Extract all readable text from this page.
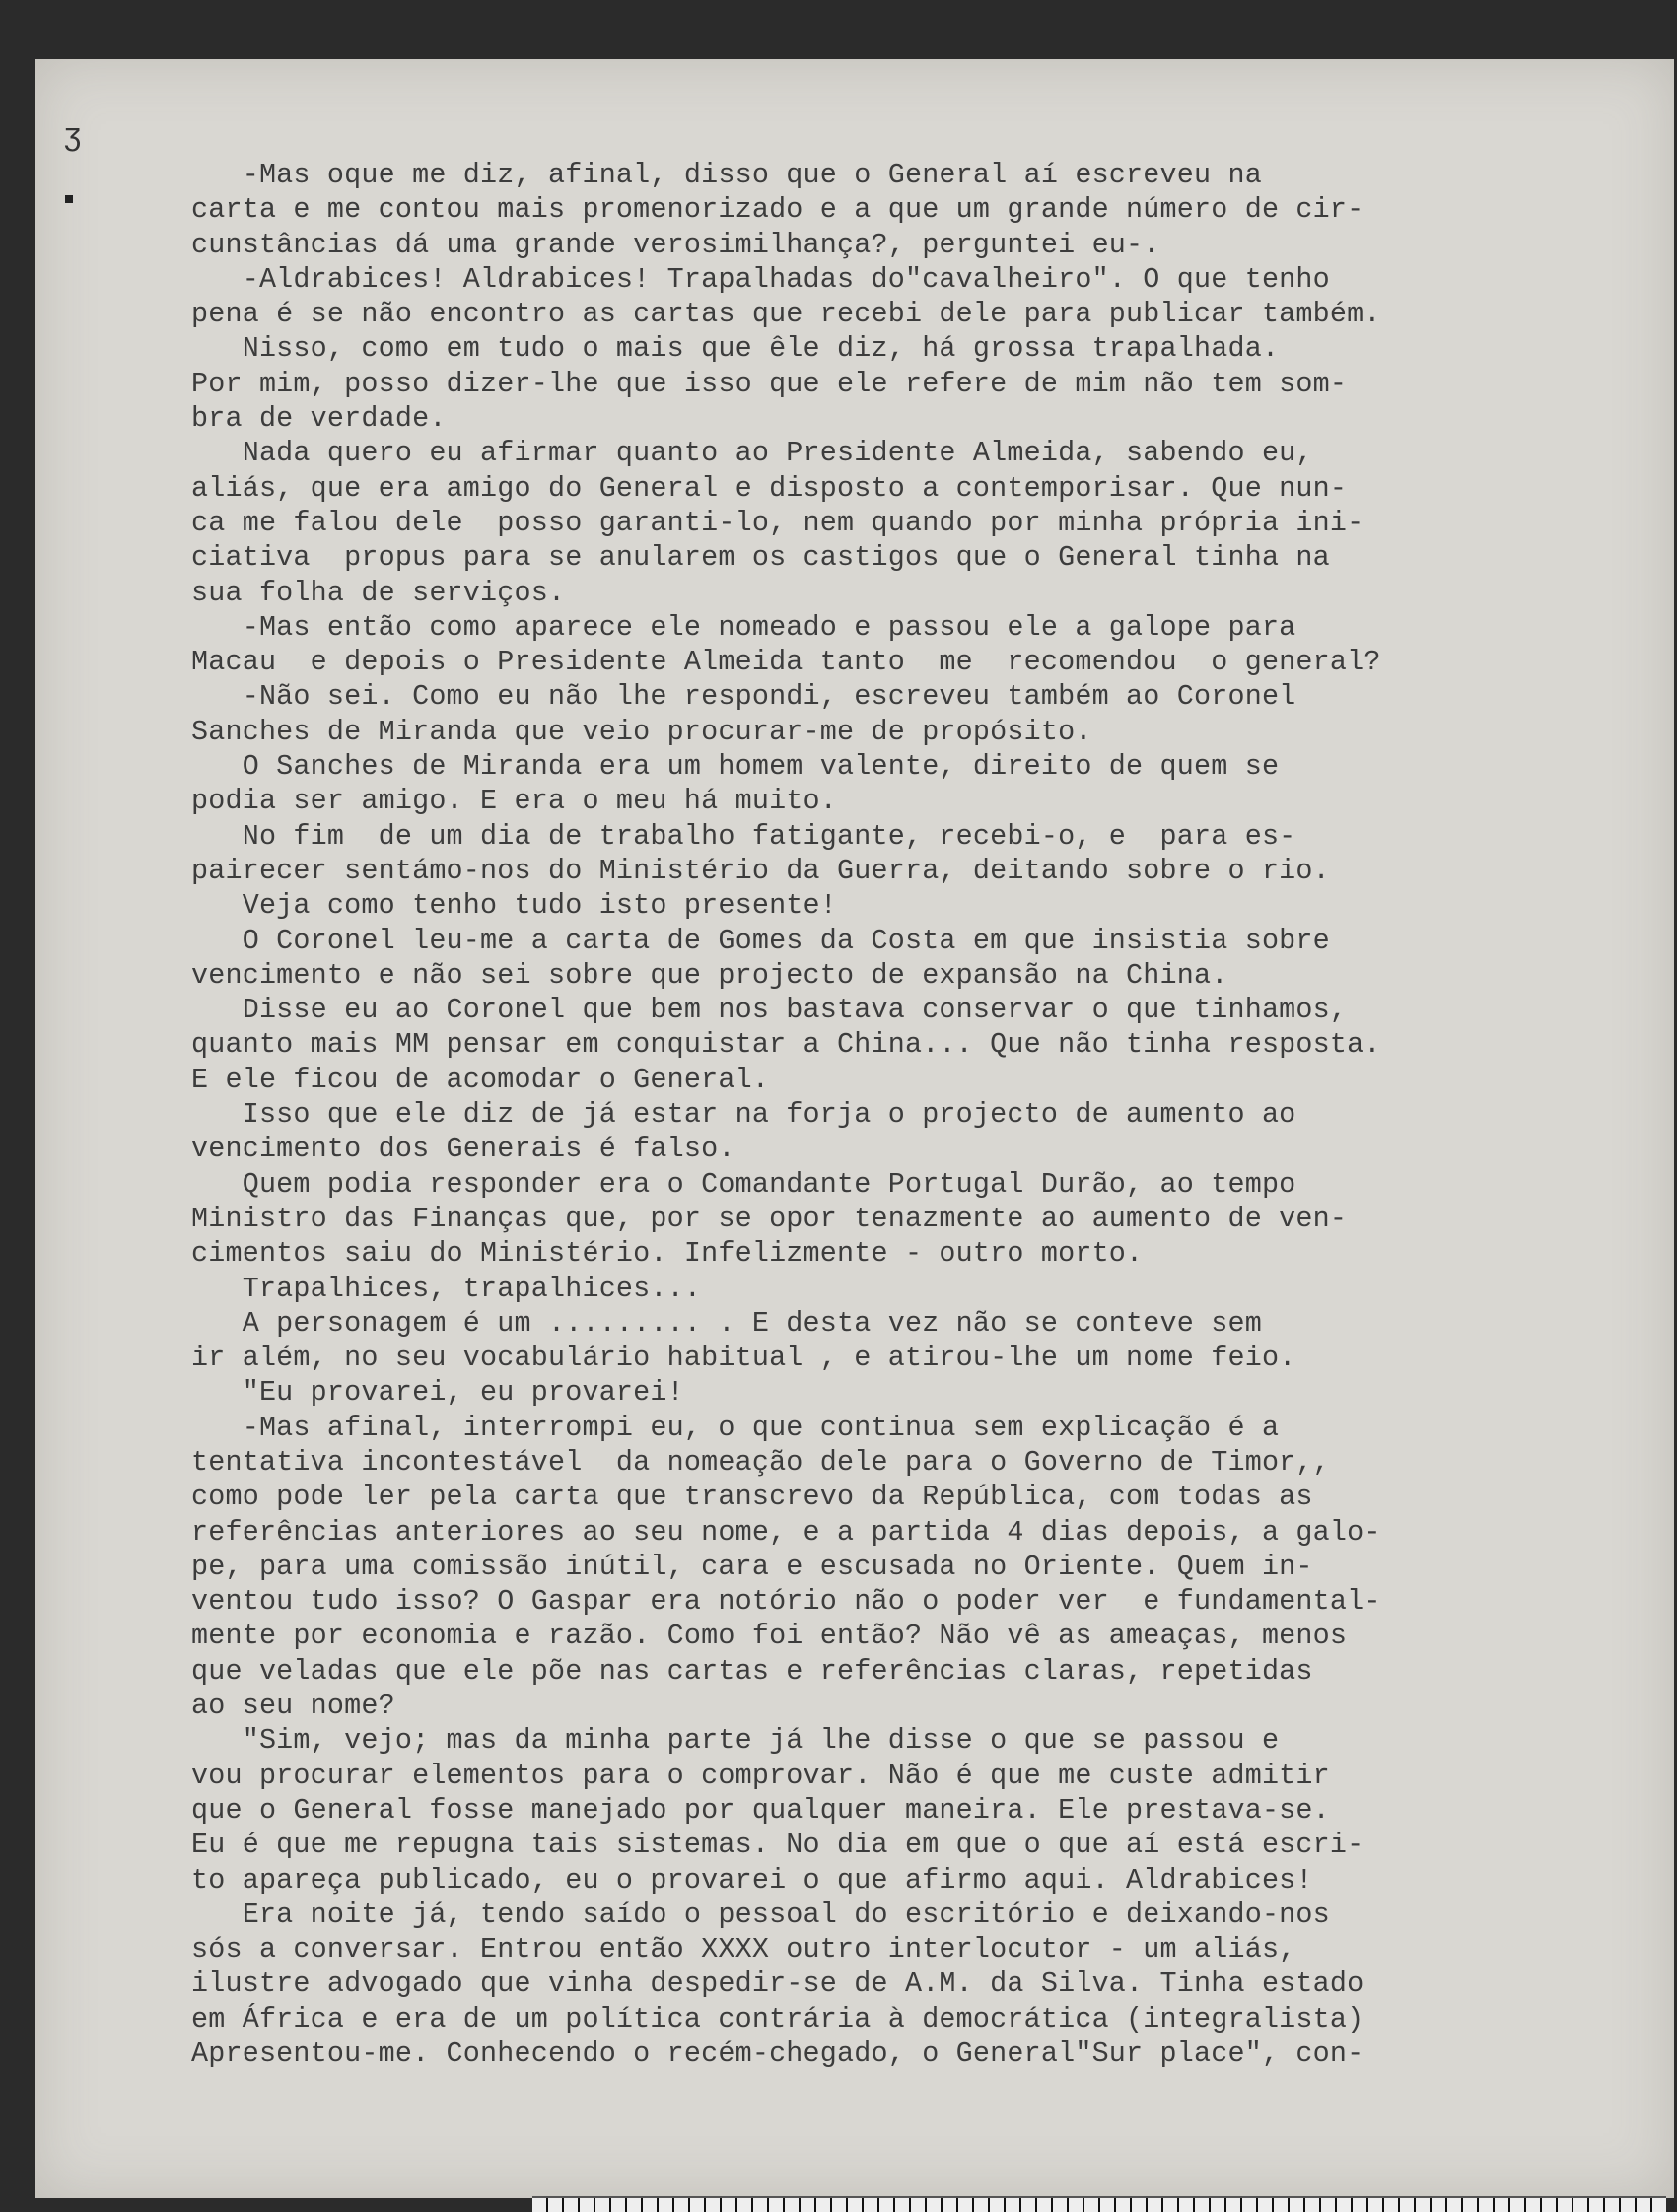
ʒ
-Mas oque me diz, afinal, disso que o General aí escreveu na
carta e me contou mais promenorizado e a que um grande número de cir-
cunstâncias dá uma grande verosimilhança?, perguntei eu-.
-Aldrabices! Aldrabices! Trapalhadas do"cavalheiro". O que tenho
pena é se não encontro as cartas que recebi dele para publicar também.
Nisso, como em tudo o mais que êle diz, há grossa trapalhada.
Por mim, posso dizer-lhe que isso que ele refere de mim não tem som-
bra de verdade.
Nada quero eu afirmar quanto ao Presidente Almeida, sabendo eu,
aliás, que era amigo do General e disposto a contemporisar. Que nun-
ca me falou dele  posso garanti-lo, nem quando por minha própria ini-
ciativa  propus para se anularem os castigos que o General tinha na
sua folha de serviços.
-Mas então como aparece ele nomeado e passou ele a galope para
Macau  e depois o Presidente Almeida tanto  me  recomendou  o general?
-Não sei. Como eu não lhe respondi, escreveu também ao Coronel
Sanches de Miranda que veio procurar-me de propósito.
O Sanches de Miranda era um homem valente, direito de quem se
podia ser amigo. E era o meu há muito.
No fim  de um dia de trabalho fatigante, recebi-o, e  para es-
pairecer sentámo-nos do Ministério da Guerra, deitando sobre o rio.
Veja como tenho tudo isto presente!
O Coronel leu-me a carta de Gomes da Costa em que insistia sobre
vencimento e não sei sobre que projecto de expansão na China.
Disse eu ao Coronel que bem nos bastava conservar o que tinhamos,
quanto mais MM pensar em conquistar a China... Que não tinha resposta.
E ele ficou de acomodar o General.
Isso que ele diz de já estar na forja o projecto de aumento ao
vencimento dos Generais é falso.
Quem podia responder era o Comandante Portugal Durão, ao tempo
Ministro das Finanças que, por se opor tenazmente ao aumento de ven-
cimentos saiu do Ministério. Infelizmente - outro morto.
Trapalhices, trapalhices...
A personagem é um ......... . E desta vez não se conteve sem
ir além, no seu vocabulário habitual , e atirou-lhe um nome feio.
"Eu provarei, eu provarei!
-Mas afinal, interrompi eu, o que continua sem explicação é a
tentativa incontestável  da nomeação dele para o Governo de Timor,,
como pode ler pela carta que transcrevo da República, com todas as
referências anteriores ao seu nome, e a partida 4 dias depois, a galo-
pe, para uma comissão inútil, cara e escusada no Oriente. Quem in-
ventou tudo isso? O Gaspar era notório não o poder ver  e fundamental-
mente por economia e razão. Como foi então? Não vê as ameaças, menos
que veladas que ele põe nas cartas e referências claras, repetidas
ao seu nome?
"Sim, vejo; mas da minha parte já lhe disse o que se passou e
vou procurar elementos para o comprovar. Não é que me custe admitir
que o General fosse manejado por qualquer maneira. Ele prestava-se.
Eu é que me repugna tais sistemas. No dia em que o que aí está escri-
to apareça publicado, eu o provarei o que afirmo aqui. Aldrabices!
Era noite já, tendo saído o pessoal do escritório e deixando-nos
sós a conversar. Entrou então XXXX outro interlocutor - um aliás,
ilustre advogado que vinha despedir-se de A.M. da Silva. Tinha estado
em África e era de um política contrária à democrática (integralista)
Apresentou-me. Conhecendo o recém-chegado, o General"Sur place", con-
